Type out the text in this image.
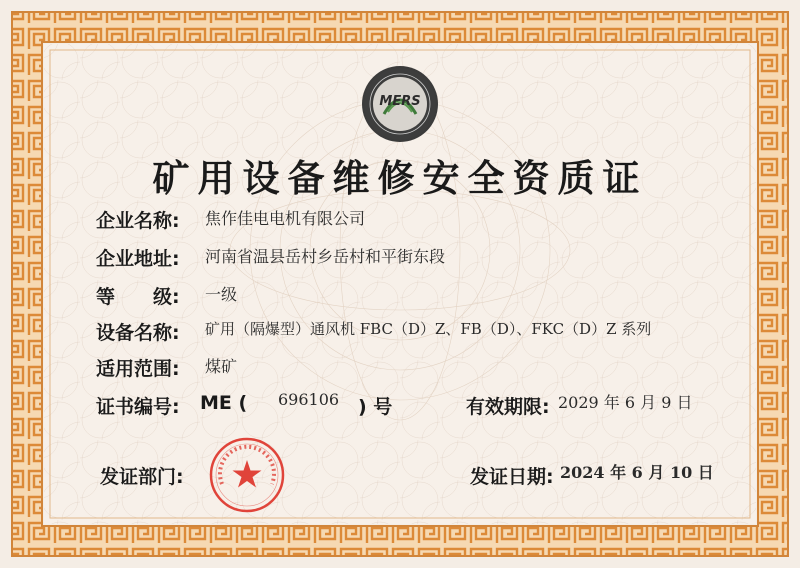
MERS
矿用设备维修安全资质证
企业名称: 焦作佳电电机有限公司
企业地址: 河南省温县岳村乡岳村和平街东段
等　　级: 一级
设备名称: 矿用（隔爆型）通风机 FBC（D）Z、FB（D）、FKC（D）Z 系列
适用范围: 煤矿
证书编号: ME ( 696106 ) 号	有效期限: 2029 年 6 月 9 日
发证部门:	发证日期: 2024 年 6 月 10 日
